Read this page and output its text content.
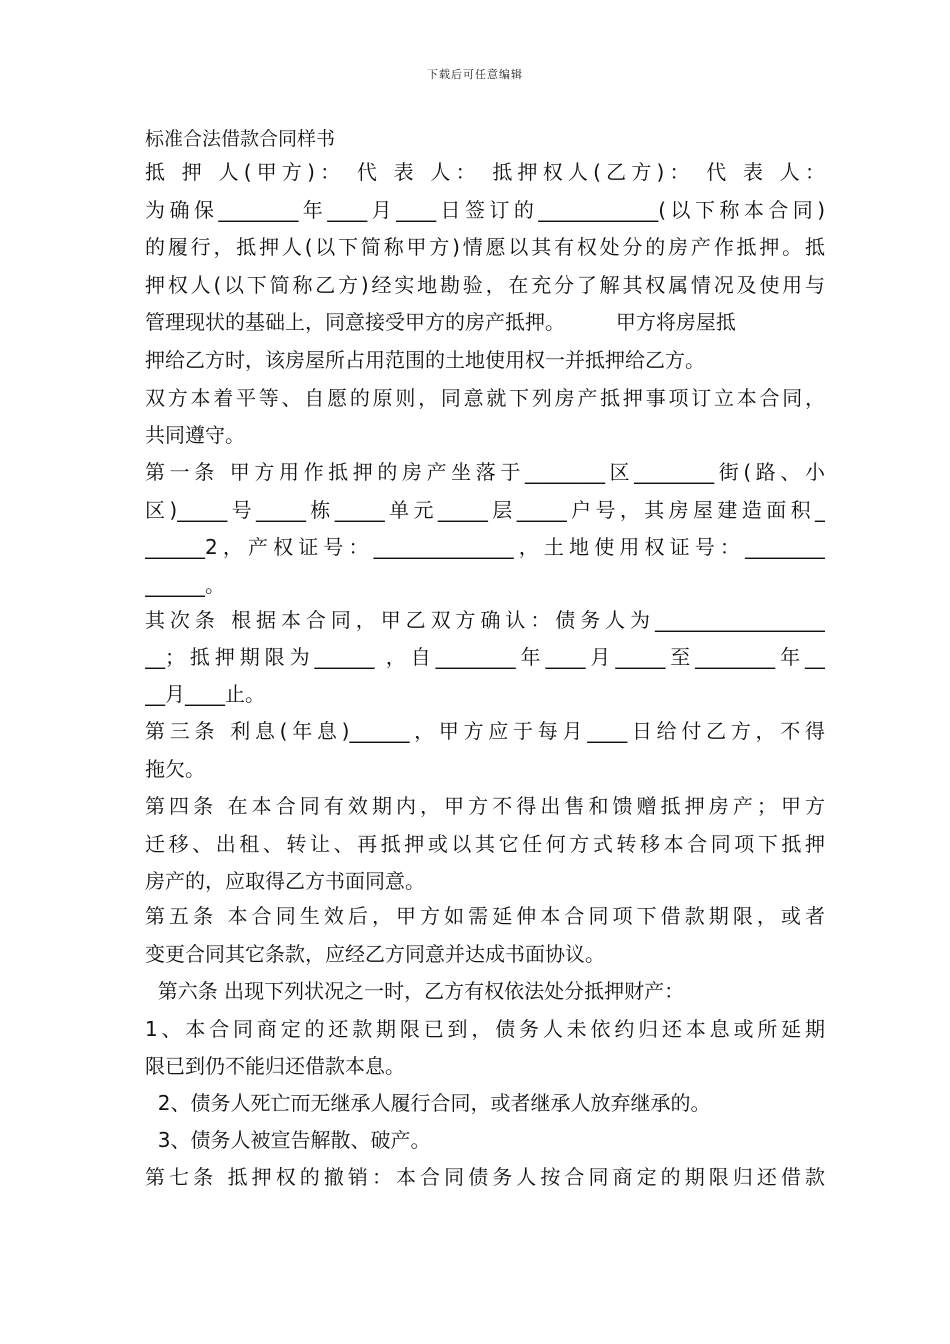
下载后可任意编辑
标准合法借款合同样书
抵 押 人(甲方)： 代 表 人： 抵押权人(乙方)： 代 表 人：
为确保________年____月____日签订的____________(以下称本合同)
的履行，抵押人(以下简称甲方)情愿以其有权处分的房产作抵押。抵
押权人(以下简称乙方)经实地勘验，在充分了解其权属情况及使用与
管理现状的基础上，同意接受甲方的房产抵押。        甲方将房屋抵
押给乙方时，该房屋所占用范围的土地使用权一并抵押给乙方。
双方本着平等、自愿的原则，同意就下列房产抵押事项订立本合同，
共同遵守。
第一条 甲方用作抵押的房产坐落于________区________街(路、小
区)_____号_____栋_____单元_____层_____户号，其房屋建造面积_
______2，产权证号：______________，土地使用权证号：________
______。
其次条 根据本合同，甲乙双方确认：债务人为_________________
__；抵押期限为______ ，自________年____月_____至________年__
__月____止。
第三条 利息(年息)______，甲方应于每月____日给付乙方，不得
拖欠。
第四条 在本合同有效期内，甲方不得出售和馈赠抵押房产；甲方
迁移、出租、转让、再抵押或以其它任何方式转移本合同项下抵押
房产的，应取得乙方书面同意。
第五条 本合同生效后，甲方如需延伸本合同项下借款期限，或者
变更合同其它条款，应经乙方同意并达成书面协议。
第六条 出现下列状况之一时，乙方有权依法处分抵押财产：
1、本合同商定的还款期限已到，债务人未依约归还本息或所延期
限已到仍不能归还借款本息。
2、债务人死亡而无继承人履行合同，或者继承人放弃继承的。
3、债务人被宣告解散、破产。
第七条 抵押权的撤销：本合同债务人按合同商定的期限归还借款
